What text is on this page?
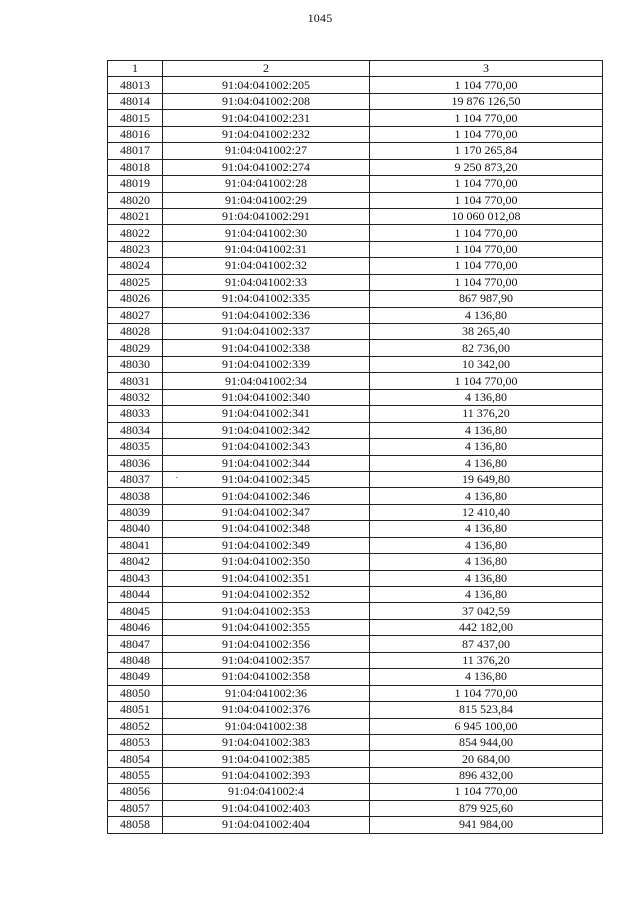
1045
1	2	3
48013	91:04:041002:205	1 104 770,00
48014	91:04:041002:208	19 876 126,50
48015	91:04:041002:231	1 104 770,00
48016	91:04:041002:232	1 104 770,00
48017	91:04:041002:27	1 170 265,84
48018	91:04:041002:274	9 250 873,20
48019	91:04:041002:28	1 104 770,00
48020	91:04:041002:29	1 104 770,00
48021	91:04:041002:291	10 060 012,08
48022	91:04:041002:30	1 104 770,00
48023	91:04:041002:31	1 104 770,00
48024	91:04:041002:32	1 104 770,00
48025	91:04:041002:33	1 104 770,00
48026	91:04:041002:335	867 987,90
48027	91:04:041002:336	4 136,80
48028	91:04:041002:337	38 265,40
48029	91:04:041002:338	82 736,00
48030	91:04:041002:339	10 342,00
48031	91:04:041002:34	1 104 770,00
48032	91:04:041002:340	4 136,80
48033	91:04:041002:341	11 376,20
48034	91:04:041002:342	4 136,80
48035	91:04:041002:343	4 136,80
48036	91:04:041002:344	4 136,80
48037	91:04:041002:345	19 649,80
48038	91:04:041002:346	4 136,80
48039	91:04:041002:347	12 410,40
48040	91:04:041002:348	4 136,80
48041	91:04:041002:349	4 136,80
48042	91:04:041002:350	4 136,80
48043	91:04:041002:351	4 136,80
48044	91:04:041002:352	4 136,80
48045	91:04:041002:353	37 042,59
48046	91:04:041002:355	442 182,00
48047	91:04:041002:356	87 437,00
48048	91:04:041002:357	11 376,20
48049	91:04:041002:358	4 136,80
48050	91:04:041002:36	1 104 770,00
48051	91:04:041002:376	815 523,84
48052	91:04:041002:38	6 945 100,00
48053	91:04:041002:383	854 944,00
48054	91:04:041002:385	20 684,00
48055	91:04:041002:393	896 432,00
48056	91:04:041002:4	1 104 770,00
48057	91:04:041002:403	879 925,60
48058	91:04:041002:404	941 984,00
